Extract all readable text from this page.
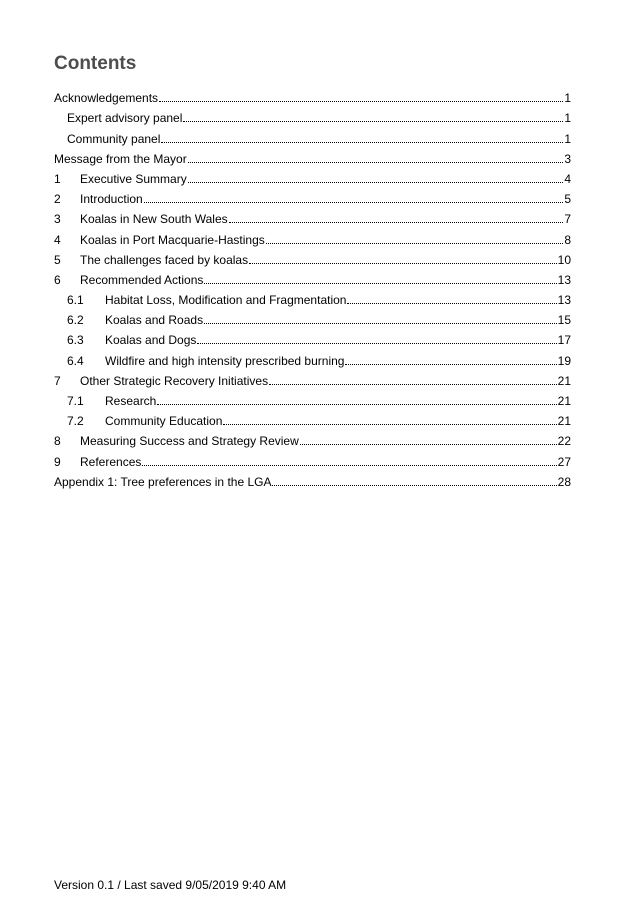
Contents
Acknowledgements	1
Expert advisory panel	1
Community panel	1
Message from the Mayor	3
1	Executive Summary	4
2	Introduction	5
3	Koalas in New South Wales	7
4	Koalas in Port Macquarie-Hastings	8
5	The challenges faced by koalas	10
6	Recommended Actions	13
6.1	Habitat Loss, Modification and Fragmentation	13
6.2	Koalas and Roads	15
6.3	Koalas and Dogs	17
6.4	Wildfire and high intensity prescribed burning	19
7	Other Strategic Recovery Initiatives	21
7.1	Research	21
7.2	Community Education	21
8	Measuring Success and Strategy Review	22
9	References	27
Appendix 1: Tree preferences in the LGA	28
Version 0.1 / Last saved 9/05/2019 9:40 AM
